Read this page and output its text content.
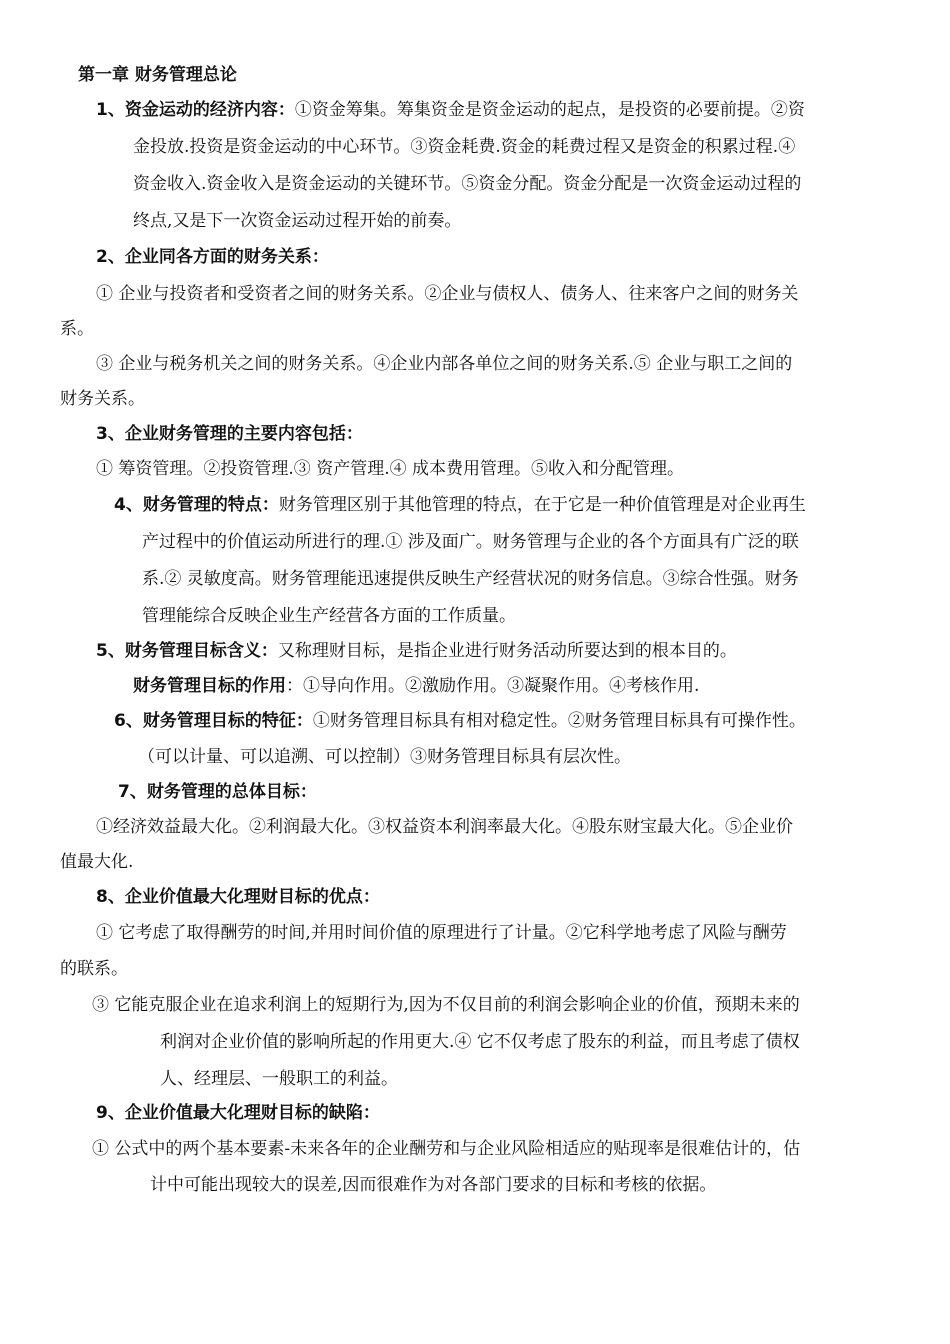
第一章 财务管理总论
1、资金运动的经济内容：①资金筹集。筹集资金是资金运动的起点，是投资的必要前提。②资
金投放.投资是资金运动的中心环节。③资金耗费.资金的耗费过程又是资金的积累过程.④
资金收入.资金收入是资金运动的关键环节。⑤资金分配。资金分配是一次资金运动过程的
终点,又是下一次资金运动过程开始的前奏。
2、企业同各方面的财务关系：
① 企业与投资者和受资者之间的财务关系。②企业与债权人、债务人、往来客户之间的财务关
系。
③ 企业与税务机关之间的财务关系。④企业内部各单位之间的财务关系.⑤ 企业与职工之间的
财务关系。
3、企业财务管理的主要内容包括：
① 筹资管理。②投资管理.③ 资产管理.④ 成本费用管理。⑤收入和分配管理。
4、财务管理的特点：财务管理区别于其他管理的特点，在于它是一种价值管理是对企业再生
产过程中的价值运动所进行的理.① 涉及面广。财务管理与企业的各个方面具有广泛的联
系.② 灵敏度高。财务管理能迅速提供反映生产经营状况的财务信息。③综合性强。财务
管理能综合反映企业生产经营各方面的工作质量。
5、财务管理目标含义：又称理财目标，是指企业进行财务活动所要达到的根本目的。
财务管理目标的作用：①导向作用。②激励作用。③凝聚作用。④考核作用.
6、财务管理目标的特征：①财务管理目标具有相对稳定性。②财务管理目标具有可操作性。
（可以计量、可以追溯、可以控制）③财务管理目标具有层次性。
7、财务管理的总体目标：
①经济效益最大化。②利润最大化。③权益资本利润率最大化。④股东财宝最大化。⑤企业价
值最大化.
8、企业价值最大化理财目标的优点：
① 它考虑了取得酬劳的时间,并用时间价值的原理进行了计量。②它科学地考虑了风险与酬劳
的联系。
③ 它能克服企业在追求利润上的短期行为,因为不仅目前的利润会影响企业的价值，预期未来的
利润对企业价值的影响所起的作用更大.④ 它不仅考虑了股东的利益，而且考虑了债权
人、经理层、一般职工的利益。
9、企业价值最大化理财目标的缺陷：
① 公式中的两个基本要素-未来各年的企业酬劳和与企业风险相适应的贴现率是很难估计的，估
计中可能出现较大的误差,因而很难作为对各部门要求的目标和考核的依据。
